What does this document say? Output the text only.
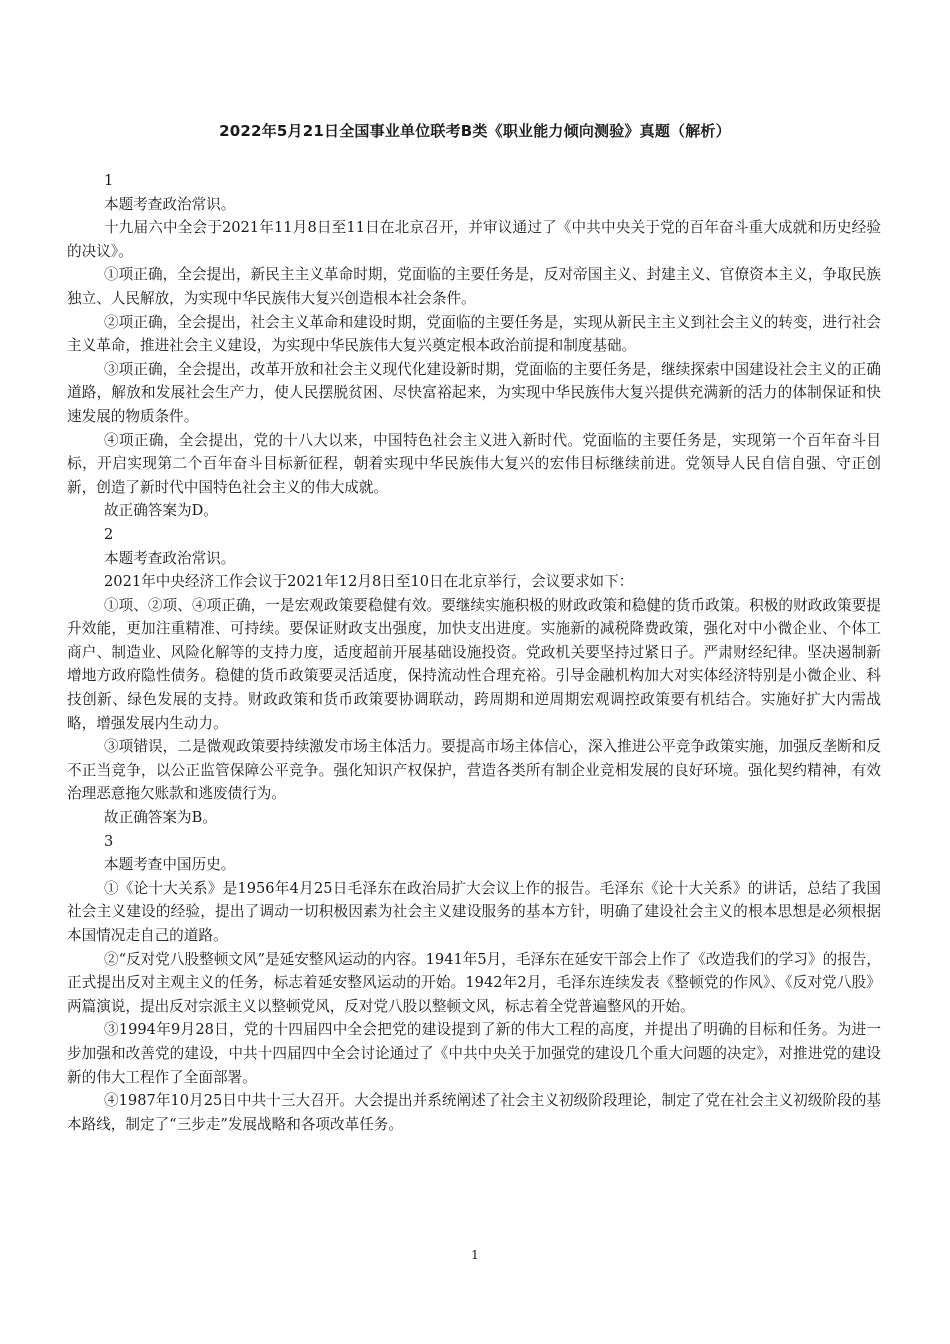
2022年5月21日全国事业单位联考B类《职业能力倾向测验》真题（解析）

1

本题考查政治常识。

十九届六中全会于2021年11月8日至11日在北京召开，并审议通过了《中共中央关于党的百年奋斗重大成就和历史经验的决议》。

①项正确，全会提出，新民主主义革命时期，党面临的主要任务是，反对帝国主义、封建主义、官僚资本主义，争取民族独立、人民解放，为实现中华民族伟大复兴创造根本社会条件。

②项正确，全会提出，社会主义革命和建设时期，党面临的主要任务是，实现从新民主主义到社会主义的转变，进行社会主义革命，推进社会主义建设，为实现中华民族伟大复兴奠定根本政治前提和制度基础。

③项正确，全会提出，改革开放和社会主义现代化建设新时期，党面临的主要任务是，继续探索中国建设社会主义的正确道路，解放和发展社会生产力，使人民摆脱贫困、尽快富裕起来，为实现中华民族伟大复兴提供充满新的活力的体制保证和快速发展的物质条件。

④项正确，全会提出，党的十八大以来，中国特色社会主义进入新时代。党面临的主要任务是，实现第一个百年奋斗目标，开启实现第二个百年奋斗目标新征程，朝着实现中华民族伟大复兴的宏伟目标继续前进。党领导人民自信自强、守正创新，创造了新时代中国特色社会主义的伟大成就。

故正确答案为D。

2

本题考查政治常识。

2021年中央经济工作会议于2021年12月8日至10日在北京举行，会议要求如下：

①项、②项、④项正确，一是宏观政策要稳健有效。要继续实施积极的财政政策和稳健的货币政策。积极的财政政策要提升效能，更加注重精准、可持续。要保证财政支出强度，加快支出进度。实施新的减税降费政策，强化对中小微企业、个体工商户、制造业、风险化解等的支持力度，适度超前开展基础设施投资。党政机关要坚持过紧日子。严肃财经纪律。坚决遏制新增地方政府隐性债务。稳健的货币政策要灵活适度，保持流动性合理充裕。引导金融机构加大对实体经济特别是小微企业、科技创新、绿色发展的支持。财政政策和货币政策要协调联动，跨周期和逆周期宏观调控政策要有机结合。实施好扩大内需战略，增强发展内生动力。

③项错误，二是微观政策要持续激发市场主体活力。要提高市场主体信心，深入推进公平竞争政策实施，加强反垄断和反不正当竞争，以公正监管保障公平竞争。强化知识产权保护，营造各类所有制企业竞相发展的良好环境。强化契约精神，有效治理恶意拖欠账款和逃废债行为。

故正确答案为B。

3

本题考查中国历史。

①《论十大关系》是1956年4月25日毛泽东在政治局扩大会议上作的报告。毛泽东《论十大关系》的讲话，总结了我国社会主义建设的经验，提出了调动一切积极因素为社会主义建设服务的基本方针，明确了建设社会主义的根本思想是必须根据本国情况走自己的道路。

②“反对党八股整顿文风”是延安整风运动的内容。1941年5月，毛泽东在延安干部会上作了《改造我们的学习》的报告，正式提出反对主观主义的任务，标志着延安整风运动的开始。1942年2月，毛泽东连续发表《整顿党的作风》、《反对党八股》两篇演说，提出反对宗派主义以整顿党风，反对党八股以整顿文风，标志着全党普遍整风的开始。

③1994年9月28日，党的十四届四中全会把党的建设提到了新的伟大工程的高度，并提出了明确的目标和任务。为进一步加强和改善党的建设，中共十四届四中全会讨论通过了《中共中央关于加强党的建设几个重大问题的决定》，对推进党的建设新的伟大工程作了全面部署。

④1987年10月25日中共十三大召开。大会提出并系统阐述了社会主义初级阶段理论，制定了党在社会主义初级阶段的基本路线，制定了“三步走”发展战略和各项改革任务。

1
